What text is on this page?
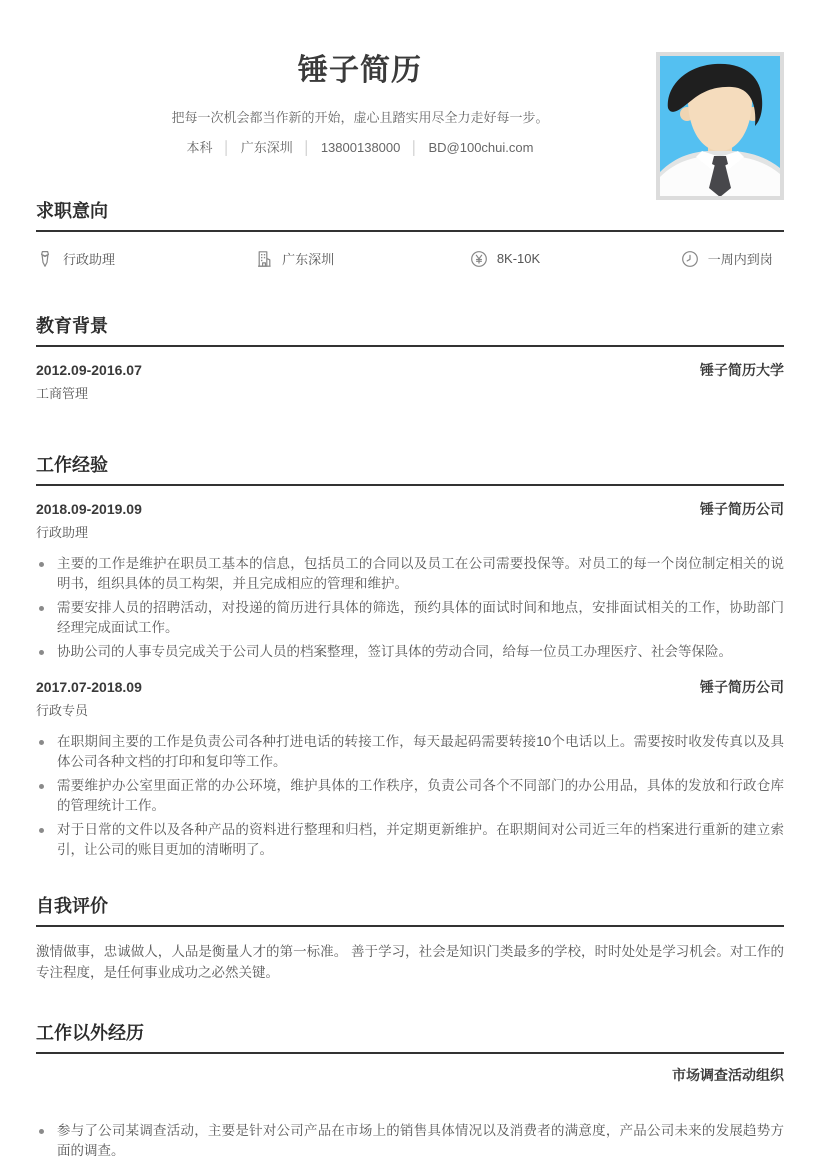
锤子简历

把每一次机会都当作新的开始，虚心且踏实用尽全力走好每一步。

本科 │ 广东深圳 │ 13800138000 │ BD@100chui.com
求职意向
行政助理	广东深圳	8K-10K	一周内到岗
教育背景
2012.09-2016.07	锤子简历大学
工商管理
工作经验
2018.09-2019.09	锤子简历公司
行政助理
主要的工作是维护在职员工基本的信息，包括员工的合同以及员工在公司需要投保等。对员工的每一个岗位制定相关的说明书，组织具体的员工构架，并且完成相应的管理和维护。
需要安排人员的招聘活动，对投递的简历进行具体的筛选，预约具体的面试时间和地点，安排面试相关的工作，协助部门经理完成面试工作。
协助公司的人事专员完成关于公司人员的档案整理，签订具体的劳动合同，给每一位员工办理医疗、社会等保险。
2017.07-2018.09	锤子简历公司
行政专员
在职期间主要的工作是负责公司各种打进电话的转接工作，每天最起码需要转接10个电话以上。需要按时收发传真以及具体公司各种文档的打印和复印等工作。
需要维护办公室里面正常的办公环境，维护具体的工作秩序，负责公司各个不同部门的办公用品，具体的发放和行政仓库的管理统计工作。
对于日常的文件以及各种产品的资料进行整理和归档，并定期更新维护。在职期间对公司近三年的档案进行重新的建立索引，让公司的账目更加的清晰明了。
自我评价

激情做事，忠诚做人，人品是衡量人才的第一标准。 善于学习，社会是知识门类最多的学校，时时处处是学习机会。对工作的专注程度，是任何事业成功之必然关键。

工作以外经历
市场调查活动组织
参与了公司某调查活动，主要是针对公司产品在市场上的销售具体情况以及消费者的满意度，产品公司未来的发展趋势方面的调查。
